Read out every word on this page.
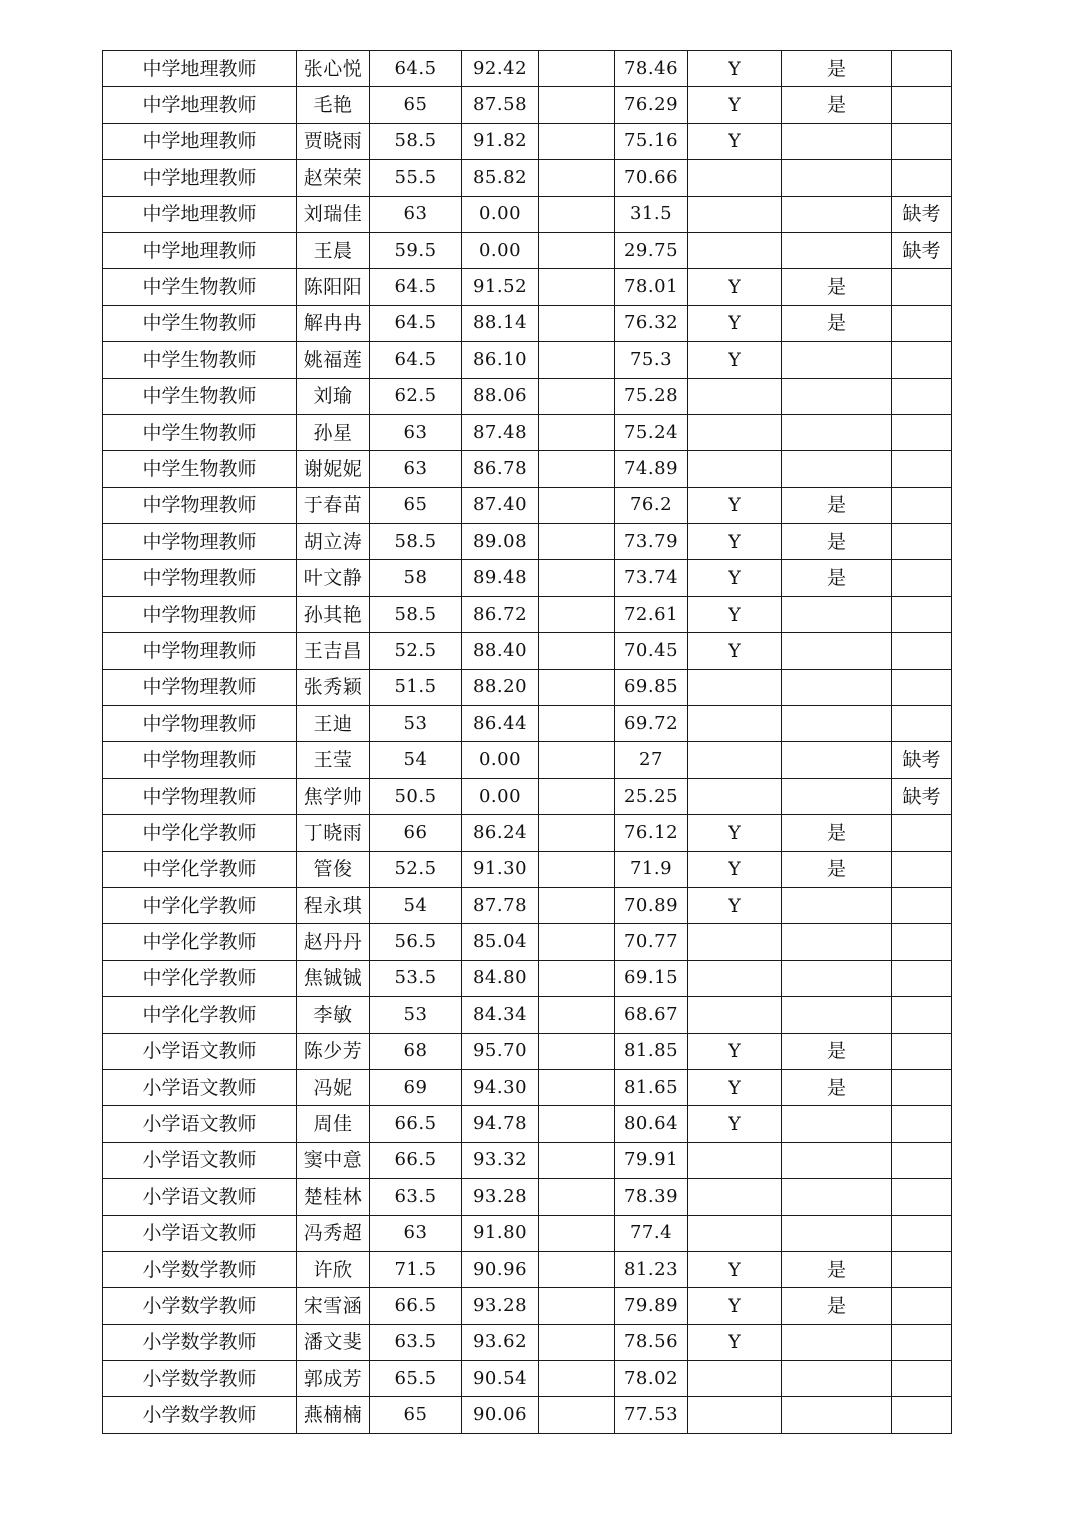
中学地理教师	张心悦	64.5	92.42		78.46	Y	是	
中学地理教师	毛艳	65	87.58		76.29	Y	是	
中学地理教师	贾晓雨	58.5	91.82		75.16	Y		
中学地理教师	赵荣荣	55.5	85.82		70.66			
中学地理教师	刘瑞佳	63	0.00		31.5			缺考
中学地理教师	王晨	59.5	0.00		29.75			缺考
中学生物教师	陈阳阳	64.5	91.52		78.01	Y	是	
中学生物教师	解冉冉	64.5	88.14		76.32	Y	是	
中学生物教师	姚福莲	64.5	86.10		75.3	Y		
中学生物教师	刘瑜	62.5	88.06		75.28			
中学生物教师	孙星	63	87.48		75.24			
中学生物教师	谢妮妮	63	86.78		74.89			
中学物理教师	于春苗	65	87.40		76.2	Y	是	
中学物理教师	胡立涛	58.5	89.08		73.79	Y	是	
中学物理教师	叶文静	58	89.48		73.74	Y	是	
中学物理教师	孙其艳	58.5	86.72		72.61	Y		
中学物理教师	王吉昌	52.5	88.40		70.45	Y		
中学物理教师	张秀颖	51.5	88.20		69.85			
中学物理教师	王迪	53	86.44		69.72			
中学物理教师	王莹	54	0.00		27			缺考
中学物理教师	焦学帅	50.5	0.00		25.25			缺考
中学化学教师	丁晓雨	66	86.24		76.12	Y	是	
中学化学教师	管俊	52.5	91.30		71.9	Y	是	
中学化学教师	程永琪	54	87.78		70.89	Y		
中学化学教师	赵丹丹	56.5	85.04		70.77			
中学化学教师	焦铖铖	53.5	84.80		69.15			
中学化学教师	李敏	53	84.34		68.67			
小学语文教师	陈少芳	68	95.70		81.85	Y	是	
小学语文教师	冯妮	69	94.30		81.65	Y	是	
小学语文教师	周佳	66.5	94.78		80.64	Y		
小学语文教师	窦中意	66.5	93.32		79.91			
小学语文教师	楚桂林	63.5	93.28		78.39			
小学语文教师	冯秀超	63	91.80		77.4			
小学数学教师	许欣	71.5	90.96		81.23	Y	是	
小学数学教师	宋雪涵	66.5	93.28		79.89	Y	是	
小学数学教师	潘文斐	63.5	93.62		78.56	Y		
小学数学教师	郭成芳	65.5	90.54		78.02			
小学数学教师	燕楠楠	65	90.06		77.53			
